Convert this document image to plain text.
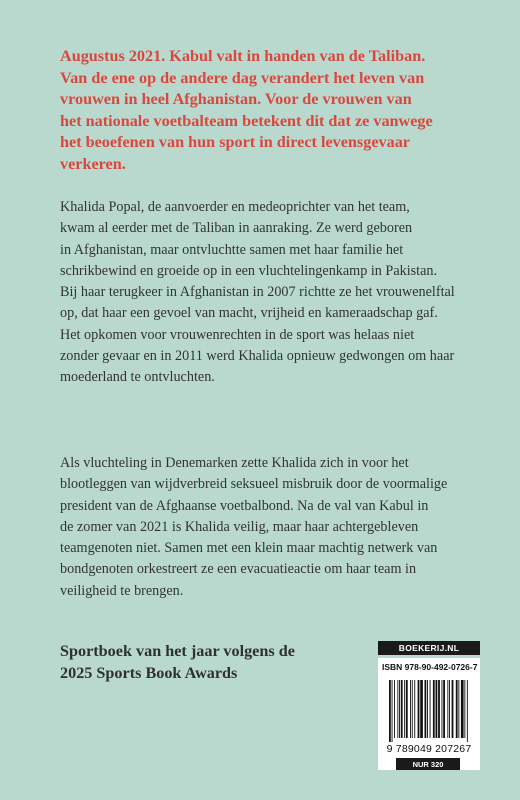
Augustus 2021. Kabul valt in handen van de Taliban.
Van de ene op de andere dag verandert het leven van
vrouwen in heel Afghanistan. Voor de vrouwen van
het nationale voetbalteam betekent dit dat ze vanwege
het beoefenen van hun sport in direct levensgevaar
verkeren.

Khalida Popal, de aanvoerder en medeoprichter van het team,
kwam al eerder met de Taliban in aanraking. Ze werd geboren
in Afghanistan, maar ontvluchtte samen met haar familie het
schrikbewind en groeide op in een vluchtelingenkamp in Pakistan.
Bij haar terugkeer in Afghanistan in 2007 richtte ze het vrouwenelftal
op, dat haar een gevoel van macht, vrijheid en kameraadschap gaf.
Het opkomen voor vrouwenrechten in de sport was helaas niet
zonder gevaar en in 2011 werd Khalida opnieuw gedwongen om haar
moederland te ontvluchten.

Als vluchteling in Denemarken zette Khalida zich in voor het
blootleggen van wijdverbreid seksueel misbruik door de voormalige
president van de Afghaanse voetbalbond. Na de val van Kabul in
de zomer van 2021 is Khalida veilig, maar haar achtergebleven
teamgenoten niet. Samen met een klein maar machtig netwerk van
bondgenoten orkestreert ze een evacuatieactie om haar team in
veiligheid te brengen.

Sportboek van het jaar volgens de
2025 Sports Book Awards

BOEKERIJ.NL
ISBN 978-90-492-0726-7
9 789049 207267
NUR 320
